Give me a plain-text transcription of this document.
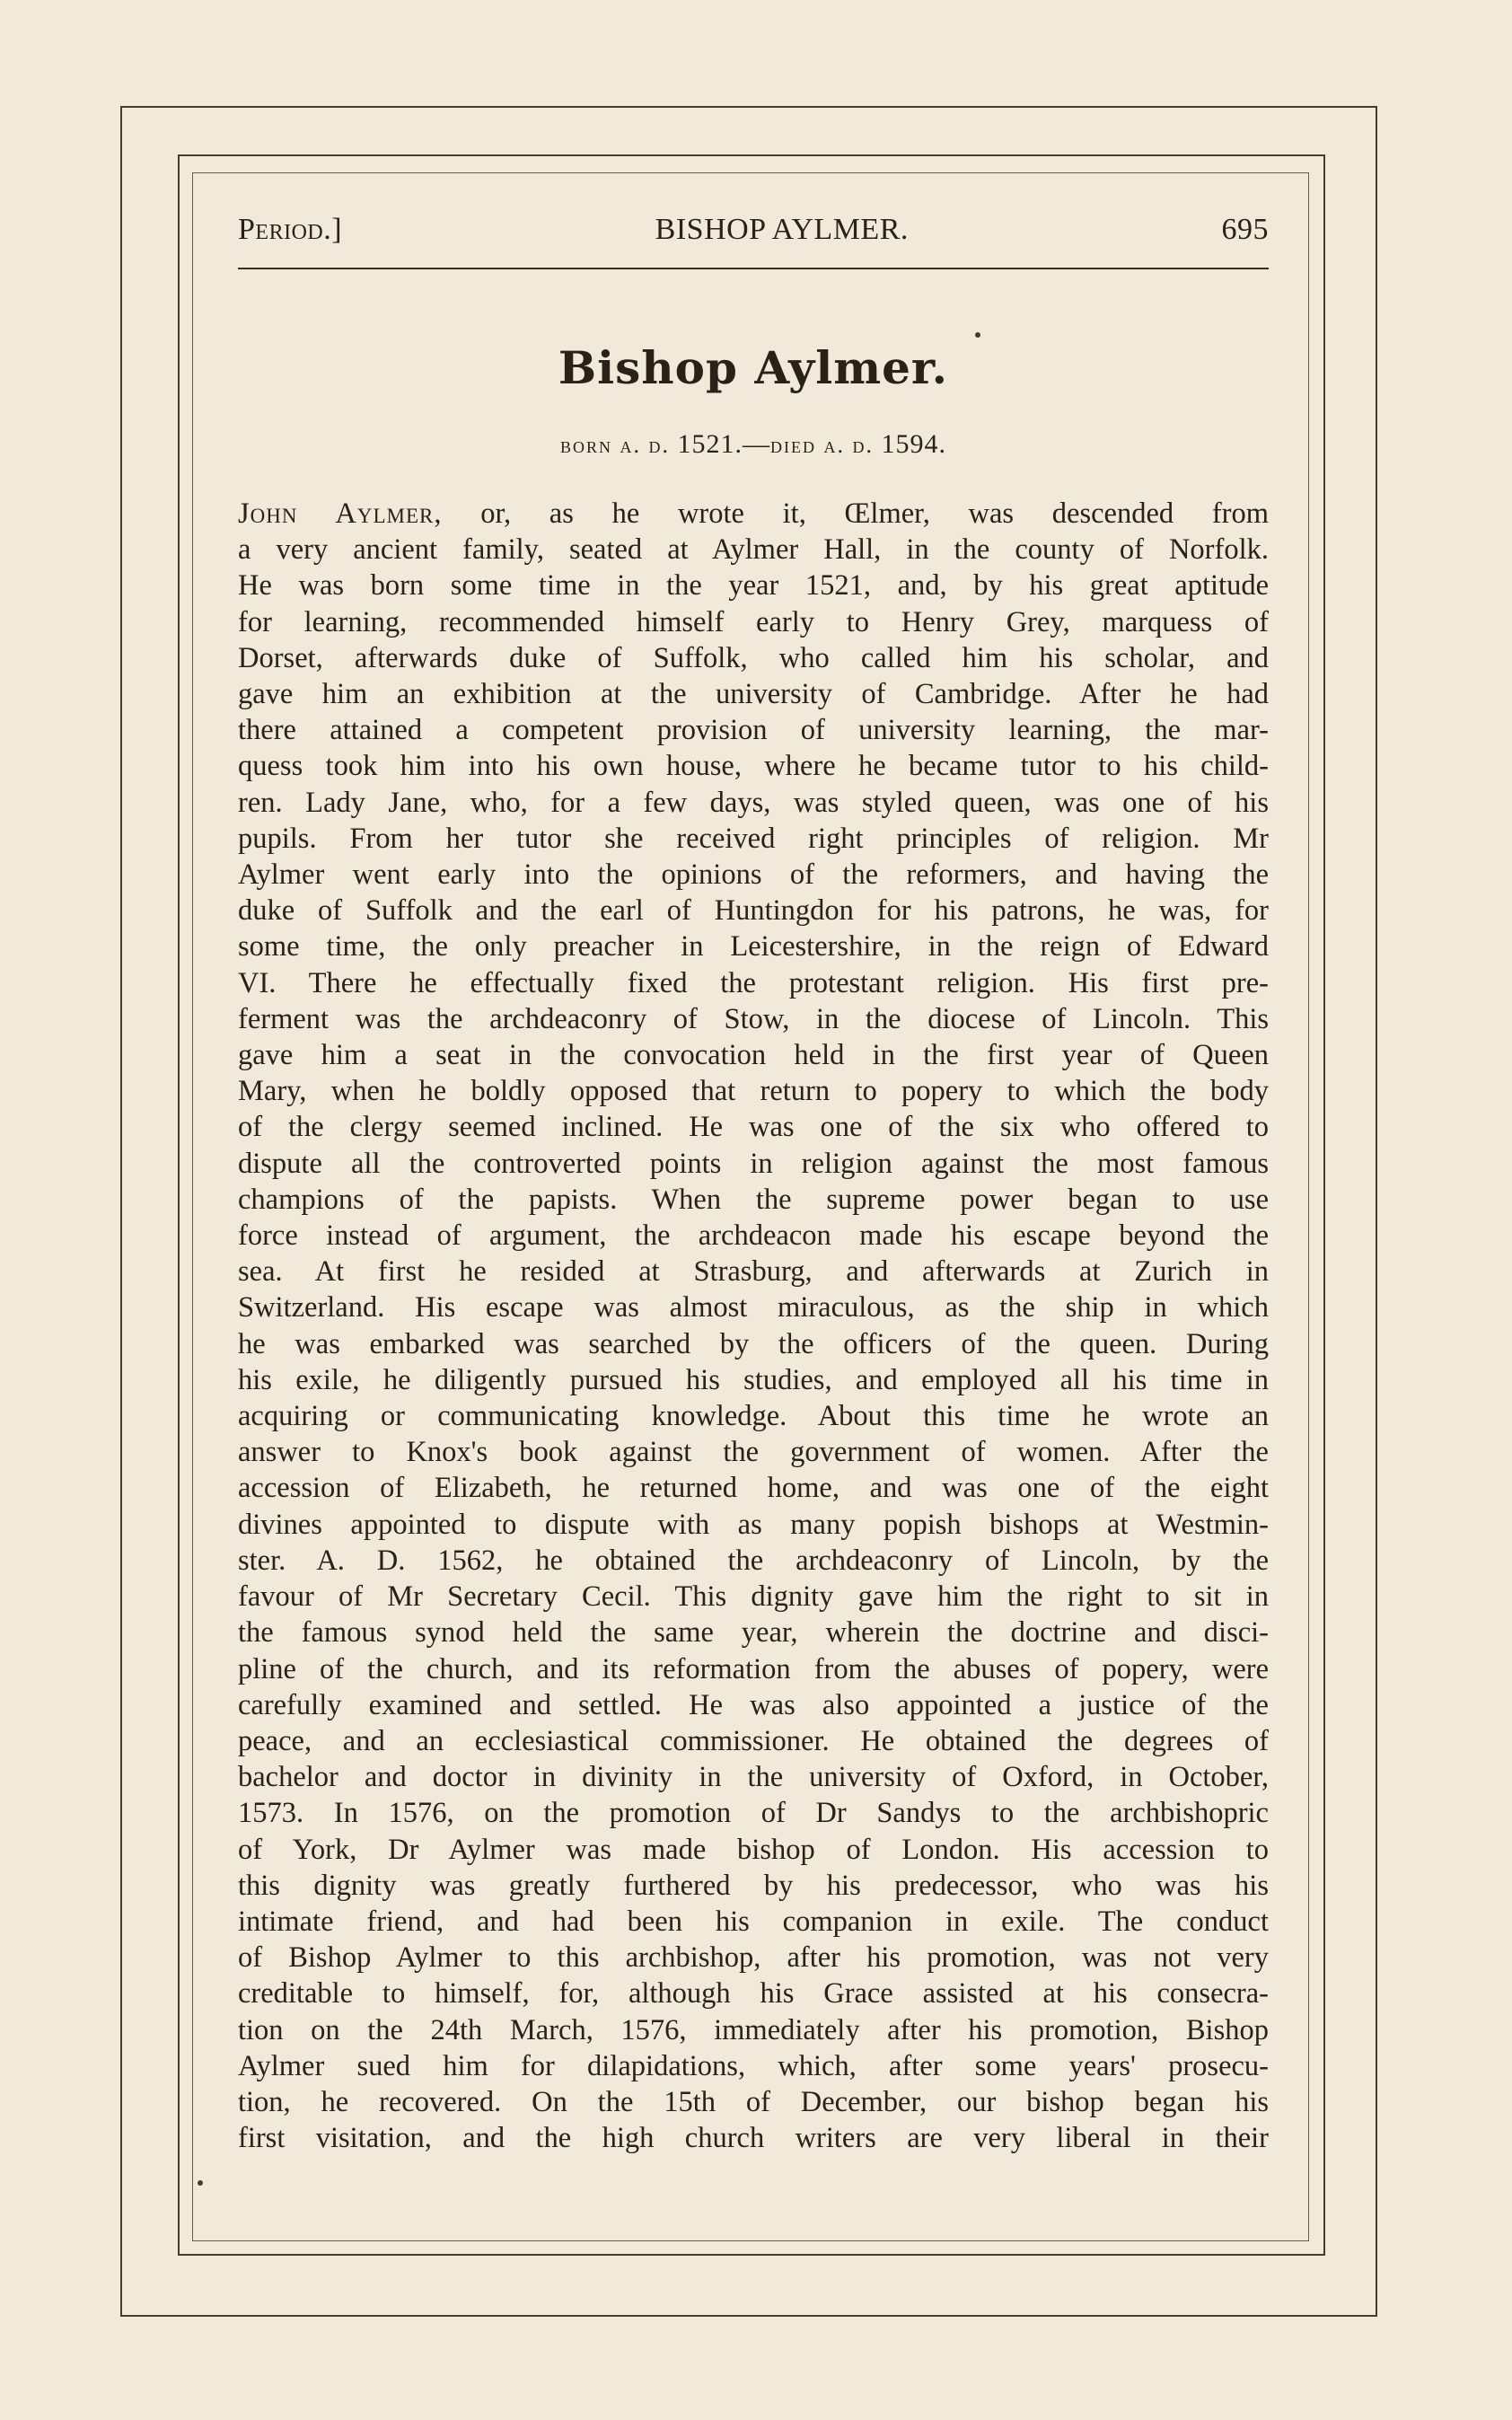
Period.]	BISHOP AYLMER.	695
Bishop Aylmer.
born a. d. 1521.—died a. d. 1594.
John Aylmer, or, as he wrote it, Œlmer, was descended from
a very ancient family, seated at Aylmer Hall, in the county of Norfolk.
He was born some time in the year 1521, and, by his great aptitude
for learning, recommended himself early to Henry Grey, marquess of
Dorset, afterwards duke of Suffolk, who called him his scholar, and
gave him an exhibition at the university of Cambridge. After he had
there attained a competent provision of university learning, the mar-
quess took him into his own house, where he became tutor to his child-
ren. Lady Jane, who, for a few days, was styled queen, was one of his
pupils. From her tutor she received right principles of religion. Mr
Aylmer went early into the opinions of the reformers, and having the
duke of Suffolk and the earl of Huntingdon for his patrons, he was, for
some time, the only preacher in Leicestershire, in the reign of Edward
VI. There he effectually fixed the protestant religion. His first pre-
ferment was the archdeaconry of Stow, in the diocese of Lincoln. This
gave him a seat in the convocation held in the first year of Queen
Mary, when he boldly opposed that return to popery to which the body
of the clergy seemed inclined. He was one of the six who offered to
dispute all the controverted points in religion against the most famous
champions of the papists. When the supreme power began to use
force instead of argument, the archdeacon made his escape beyond the
sea. At first he resided at Strasburg, and afterwards at Zurich in
Switzerland. His escape was almost miraculous, as the ship in which
he was embarked was searched by the officers of the queen. During
his exile, he diligently pursued his studies, and employed all his time in
acquiring or communicating knowledge. About this time he wrote an
answer to Knox's book against the government of women. After the
accession of Elizabeth, he returned home, and was one of the eight
divines appointed to dispute with as many popish bishops at Westmin-
ster. A. D. 1562, he obtained the archdeaconry of Lincoln, by the
favour of Mr Secretary Cecil. This dignity gave him the right to sit in
the famous synod held the same year, wherein the doctrine and disci-
pline of the church, and its reformation from the abuses of popery, were
carefully examined and settled. He was also appointed a justice of the
peace, and an ecclesiastical commissioner. He obtained the degrees of
bachelor and doctor in divinity in the university of Oxford, in October,
1573. In 1576, on the promotion of Dr Sandys to the archbishopric
of York, Dr Aylmer was made bishop of London. His accession to
this dignity was greatly furthered by his predecessor, who was his
intimate friend, and had been his companion in exile. The conduct
of Bishop Aylmer to this archbishop, after his promotion, was not very
creditable to himself, for, although his Grace assisted at his consecra-
tion on the 24th March, 1576, immediately after his promotion, Bishop
Aylmer sued him for dilapidations, which, after some years' prosecu-
tion, he recovered. On the 15th of December, our bishop began his
first visitation, and the high church writers are very liberal in their
